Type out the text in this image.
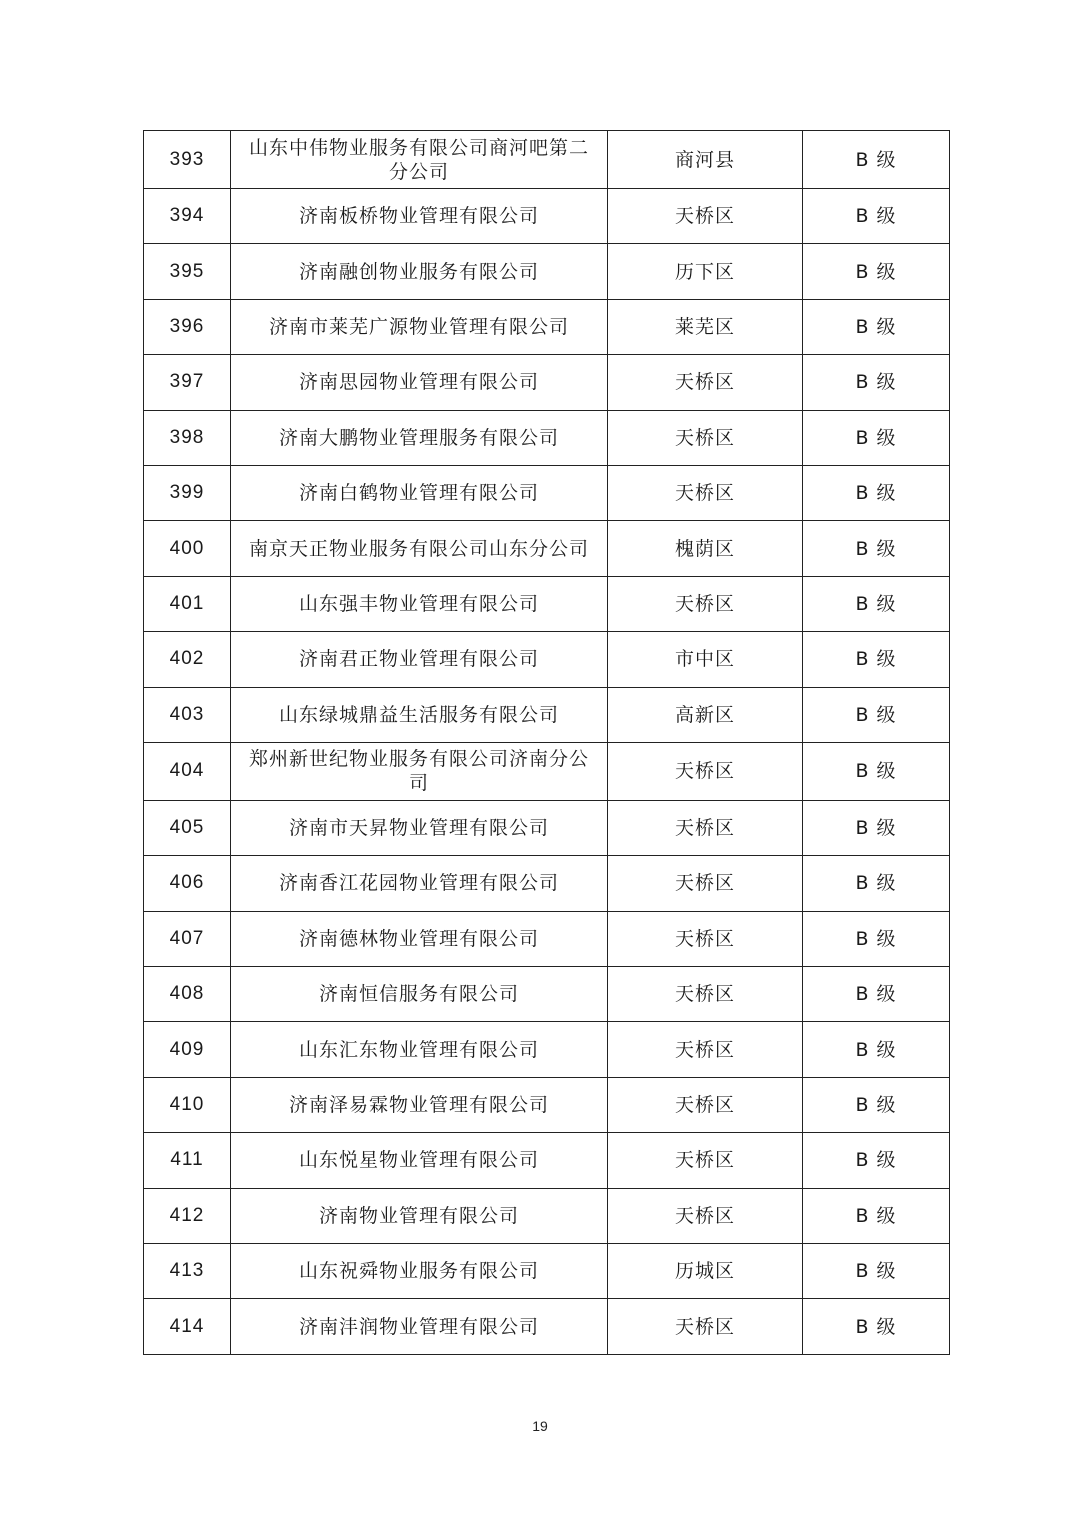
393	山东中伟物业服务有限公司商河吧第二分公司	商河县	B 级
394	济南板桥物业管理有限公司	天桥区	B 级
395	济南融创物业服务有限公司	历下区	B 级
396	济南市莱芜广源物业管理有限公司	莱芜区	B 级
397	济南思园物业管理有限公司	天桥区	B 级
398	济南大鹏物业管理服务有限公司	天桥区	B 级
399	济南白鹤物业管理有限公司	天桥区	B 级
400	南京天正物业服务有限公司山东分公司	槐荫区	B 级
401	山东强丰物业管理有限公司	天桥区	B 级
402	济南君正物业管理有限公司	市中区	B 级
403	山东绿城鼎益生活服务有限公司	高新区	B 级
404	郑州新世纪物业服务有限公司济南分公司	天桥区	B 级
405	济南市天昇物业管理有限公司	天桥区	B 级
406	济南香江花园物业管理有限公司	天桥区	B 级
407	济南德林物业管理有限公司	天桥区	B 级
408	济南恒信服务有限公司	天桥区	B 级
409	山东汇东物业管理有限公司	天桥区	B 级
410	济南泽易霖物业管理有限公司	天桥区	B 级
411	山东悦星物业管理有限公司	天桥区	B 级
412	济南物业管理有限公司	天桥区	B 级
413	山东祝舜物业服务有限公司	历城区	B 级
414	济南沣润物业管理有限公司	天桥区	B 级
19
